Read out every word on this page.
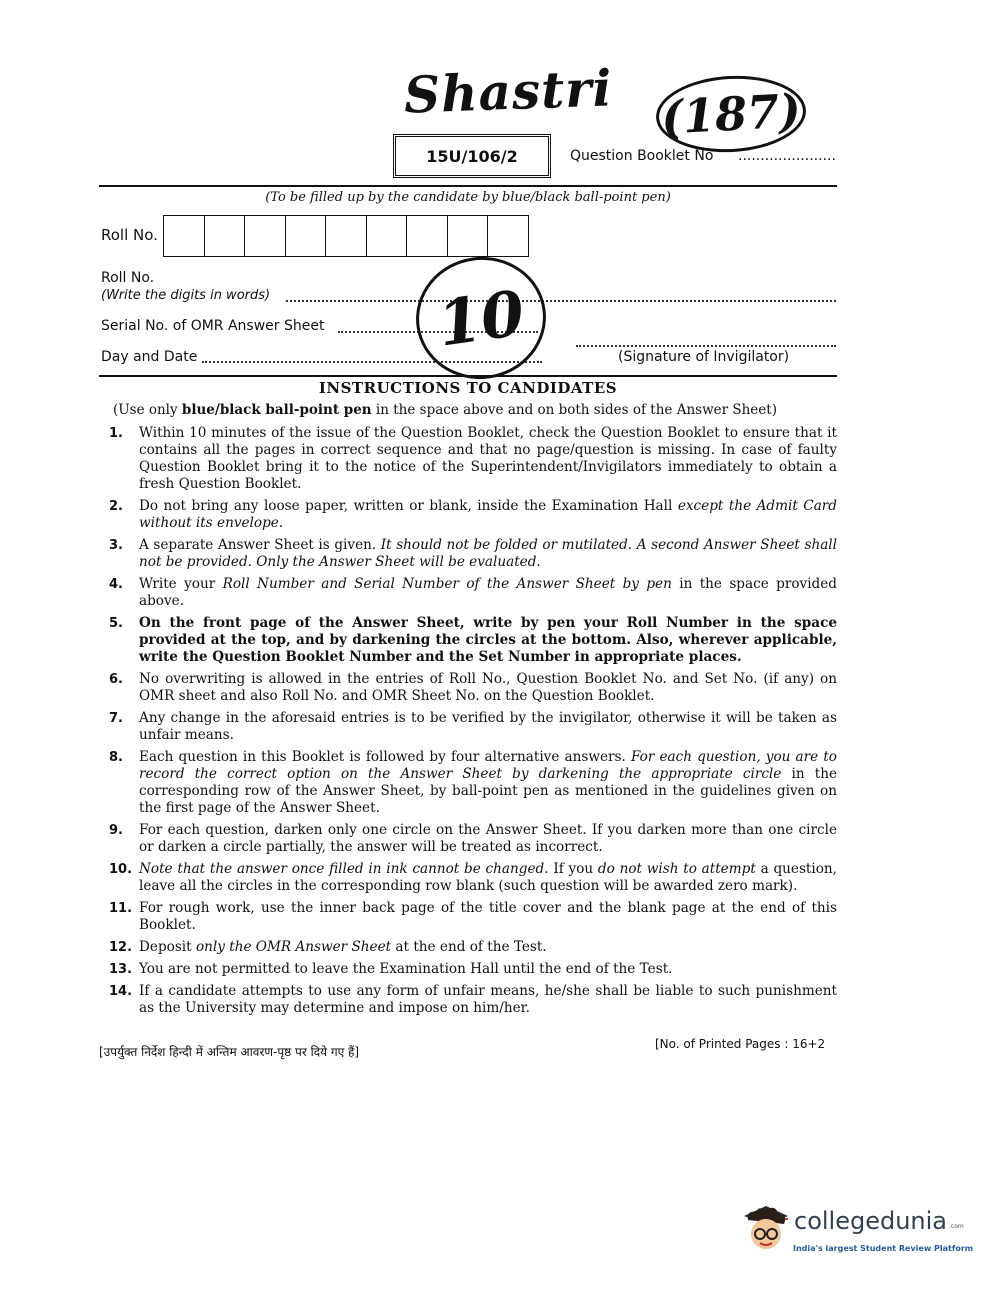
Shastri (187)
15U/106/2	Question Booklet No ......................
(To be filled up by the candidate by blue/black ball-point pen)
Roll No.
Roll No.
(Write the digits in words)
Serial No. of OMR Answer Sheet
Day and Date	(Signature of Invigilator)
10
INSTRUCTIONS TO CANDIDATES
(Use only blue/black ball-point pen in the space above and on both sides of the Answer Sheet)
1.	Within 10 minutes of the issue of the Question Booklet, check the Question Booklet to ensure that it contains all the pages in correct sequence and that no page/question is missing. In case of faulty Question Booklet bring it to the notice of the Superintendent/Invigilators immediately to obtain a fresh Question Booklet.
2.	Do not bring any loose paper, written or blank, inside the Examination Hall except the Admit Card without its envelope.
3.	A separate Answer Sheet is given. It should not be folded or mutilated. A second Answer Sheet shall not be provided. Only the Answer Sheet will be evaluated.
4.	Write your Roll Number and Serial Number of the Answer Sheet by pen in the space provided above.
5.	On the front page of the Answer Sheet, write by pen your Roll Number in the space provided at the top, and by darkening the circles at the bottom. Also, wherever applicable, write the Question Booklet Number and the Set Number in appropriate places.
6.	No overwriting is allowed in the entries of Roll No., Question Booklet No. and Set No. (if any) on OMR sheet and also Roll No. and OMR Sheet No. on the Question Booklet.
7.	Any change in the aforesaid entries is to be verified by the invigilator, otherwise it will be taken as unfair means.
8.	Each question in this Booklet is followed by four alternative answers. For each question, you are to record the correct option on the Answer Sheet by darkening the appropriate circle in the corresponding row of the Answer Sheet, by ball-point pen as mentioned in the guidelines given on the first page of the Answer Sheet.
9.	For each question, darken only one circle on the Answer Sheet. If you darken more than one circle or darken a circle partially, the answer will be treated as incorrect.
10. Note that the answer once filled in ink cannot be changed. If you do not wish to attempt a question, leave all the circles in the corresponding row blank (such question will be awarded zero mark).
11. For rough work, use the inner back page of the title cover and the blank page at the end of this Booklet.
12. Deposit only the OMR Answer Sheet at the end of the Test.
13. You are not permitted to leave the Examination Hall until the end of the Test.
14. If a candidate attempts to use any form of unfair means, he/she shall be liable to such punishment as the University may determine and impose on him/her.
[उपर्युक्त निर्देश हिन्दी में अन्तिम आवरण-पृष्ठ पर दिये गए हैं]
[No. of Printed Pages : 16+2
collegedunia .com
India's largest Student Review Platform
